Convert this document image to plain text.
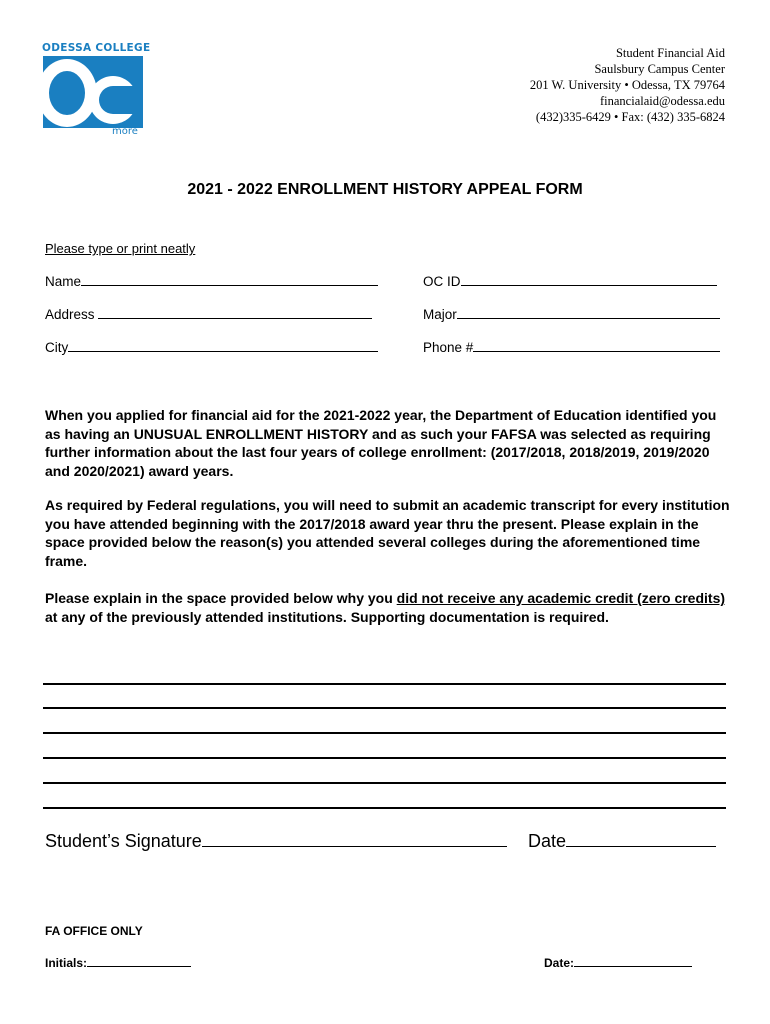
ODESSA COLLEGE
more
Student Financial Aid
Saulsbury Campus Center
201 W. University • Odessa, TX 79764
financialaid@odessa.edu
(432)335-6429 • Fax: (432) 335-6824
2021 - 2022 ENROLLMENT HISTORY APPEAL FORM
Please type or print neatly
Name	OC ID
Address	Major
City	Phone #
When you applied for financial aid for the 2021-2022 year, the Department of Education identified you as having an UNUSUAL ENROLLMENT HISTORY and as such your FAFSA was selected as requiring further information about the last four years of college enrollment: (2017/2018, 2018/2019, 2019/2020 and 2020/2021) award years.
As required by Federal regulations, you will need to submit an academic transcript for every institution you have attended beginning with the 2017/2018 award year thru the present. Please explain in the space provided below the reason(s) you attended several colleges during the aforementioned time frame.
Please explain in the space provided below why you did not receive any academic credit (zero credits) at any of the previously attended institutions. Supporting documentation is required.
Student’s Signature	Date
FA OFFICE ONLY
Initials:	Date:
